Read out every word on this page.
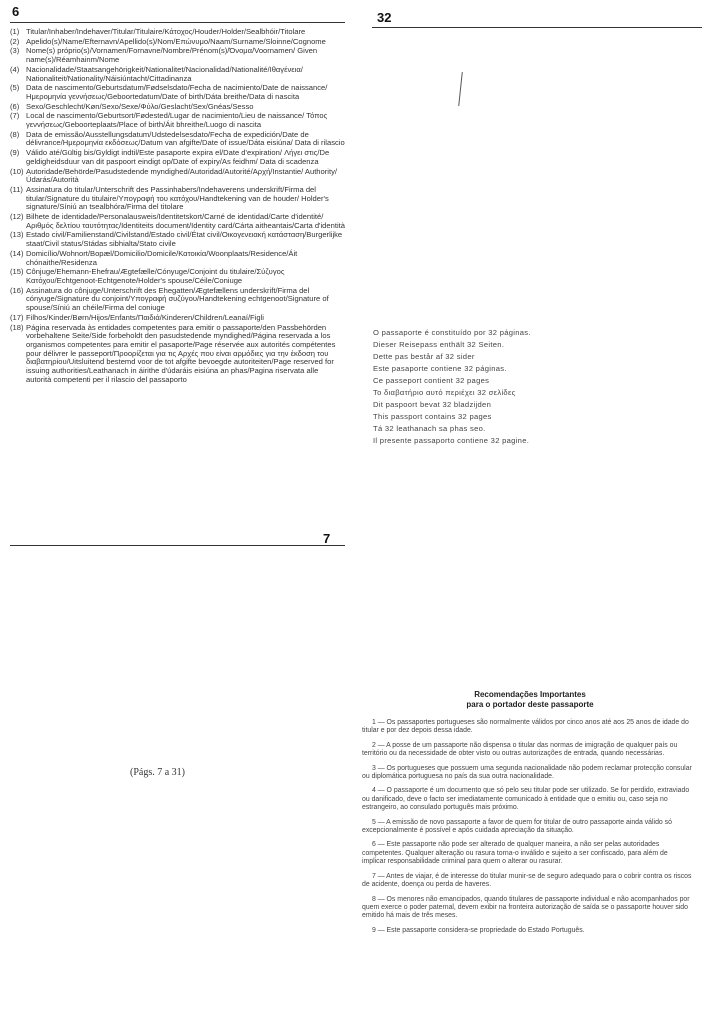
6	32
7
(1) Titular/Inhaber/Indehaver/Titular/Titulaire/Κάτοχος/Houder/Holder/Sealbhóir/Titolare
(2) Apelido(s)/Name/Efternavn/Apellido(s)/Nom/Επώνυμο/Naam/Surname/Sloinne/Cognome
(3) Nome(s) próprio(s)/Vornamen/Fornavne/Nombre/Prénom(s)/Όνομα/Voornamen/ Given name(s)/Réamhainm/Nome
(4) Nacionalidade/Staatsangehörigkeit/Nationalitet/Nacionalidad/Nationalité/Ιθαγένεια/ Nationaliteit/Nationality/Náisiúntacht/Cittadinanza
(5) Data de nascimento/Geburtsdatum/Fødselsdato/Fecha de nacimiento/Date de naissance/Ημερομηνία γεννήσεως/Geboortedatum/Date of birth/Dáta breithe/Data di nascita
(6) Sexo/Geschlecht/Køn/Sexo/Sexe/Φύλο/Geslacht/Sex/Gnéas/Sesso
(7) Local de nascimento/Geburtsort/Fødested/Lugar de nacimiento/Lieu de naissance/ Τόπος γεννήσεως/Geboorteplaats/Place of birth/Áit bhreithe/Luogo di nascita
(8) Data de emissão/Ausstellungsdatum/Udstedelsesdato/Fecha de expedición/Date de délivrance/Ημερομηνία εκδόσεως/Datum van afgifte/Date of issue/Dáta eisiúna/ Data di rilascio
(9) Válido até/Gültig bis/Gyldigt indtil/Este pasaporte expira el/Date d'expiration/ Λήγει στις/De geldigheidsduur van dit paspoort eindigt op/Date of expiry/As feidhm/ Data di scadenza
(10) Autoridade/Behörde/Pasudstedende myndighed/Autoridad/Autorité/Αρχή/Instantie/ Authority/Údarás/Autorità
(11) Assinatura do titular/Unterschrift des Passinhabers/Indehaverens underskrift/Firma del titular/Signature du titulaire/Υπογραφή του κατόχου/Handtekening van de houder/ Holder's signature/Síniú an tsealbhóra/Firma del titolare
(12) Bilhete de identidade/Personalausweis/Identitetskort/Carné de identidad/Carte d'identité/Αριθμός δελτίου ταυτότητας/Identiteits document/Identity card/Cárta aitheantais/Carta d'identità
(13) Estado civil/Familienstand/Civilstand/Estado civil/État civil/Οικογενειακή κατάσταση/Burgerlijke staat/Civil status/Stádas sibhialta/Stato civile
(14) Domicílio/Wohnort/Bopæl/Domicilio/Domicile/Κατοικία/Woonplaats/Residence/Áit chónaithe/Residenza
(15) Cônjuge/Ehemann-Ehefrau/Ægtefælle/Cónyuge/Conjoint du titulaire/Σύζυγος Κατόχου/Echtgenoot-Echtgenote/Holder's spouse/Céile/Coniuge
(16) Assinatura do cônjuge/Unterschrift des Ehegatten/Ægtefællens underskrift/Firma del cónyuge/Signature du conjoint/Υπογραφή συζύγου/Handtekening echtgenoot/Signature of spouse/Síniú an chéile/Firma del coniuge
(17) Filhos/Kinder/Børn/Hijos/Enfants/Παιδιά/Kinderen/Children/Leanaí/Figli
(18) Página reservada às entidades competentes para emitir o passaporte/den Passbehörden vorbehaltene Seite/Side forbeholdt den pasudstedende myndighed/Página reservada a los organismos competentes para emitir el pasaporte/Page réservée aux autorités compétentes pour délivrer le passeport/Προορίζεται για τις Αρχές που είναι αρμόδιες για την έκδοση του διαβατηρίου/Uitsluitend bestemd voor de tot afgifte bevoegde autoriteiten/Page reserved for issuing authorities/Leathanach in áirithe d'údaráis eisiúna an phas/Pagina riservata alle autorità competenti per il rilascio del passaporto
O passaporte é constituído por 32 páginas.
Dieser Reisepass enthält 32 Seiten.
Dette pas består af 32 sider
Este pasaporte contiene 32 páginas.
Ce passeport contient 32 pages
Το διαβατήριο αυτό περιέχει 32 σελίδες
Dit paspoort bevat 32 bladzijden
This passport contains 32 pages
Tá 32 leathanach sa phas seo.
Il presente passaporto contiene 32 pagine.
(Págs. 7 a 31)
Recomendações Importantes
para o portador deste passaporte
1 — Os passaportes portugueses são normalmente válidos por cinco anos até aos 25 anos de idade do titular e por dez depois dessa idade.
2 — A posse de um passaporte não dispensa o titular das normas de imigração de qualquer país ou território ou da necessidade de obter visto ou outras autorizações de entrada, quando necessárias.
3 — Os portugueses que possuem uma segunda nacionalidade não podem reclamar protecção consular ou diplomática portuguesa no país da sua outra nacionalidade.
4 — O passaporte é um documento que só pelo seu titular pode ser utilizado. Se for perdido, extraviado ou danificado, deve o facto ser imediatamente comunicado à entidade que o emitiu ou, caso seja no estrangeiro, ao consulado português mais próximo.
5 — A emissão de novo passaporte a favor de quem for titular de outro passaporte ainda válido só excepcionalmente é possível e após cuidada apreciação da situação.
6 — Este passaporte não pode ser alterado de qualquer maneira, a não ser pelas autoridades competentes. Qualquer alteração ou rasura torna-o inválido e sujeito a ser confiscado, para além de implicar responsabilidade criminal para quem o alterar ou rasurar.
7 — Antes de viajar, é de interesse do titular munir-se de seguro adequado para o cobrir contra os riscos de acidente, doença ou perda de haveres.
8 — Os menores não emancipados, quando titulares de passaporte individual e não acompanhados por quem exerce o poder paternal, devem exibir na fronteira autorização de saída se o passaporte houver sido emitido há mais de três meses.
9 — Este passaporte considera-se propriedade do Estado Português.
